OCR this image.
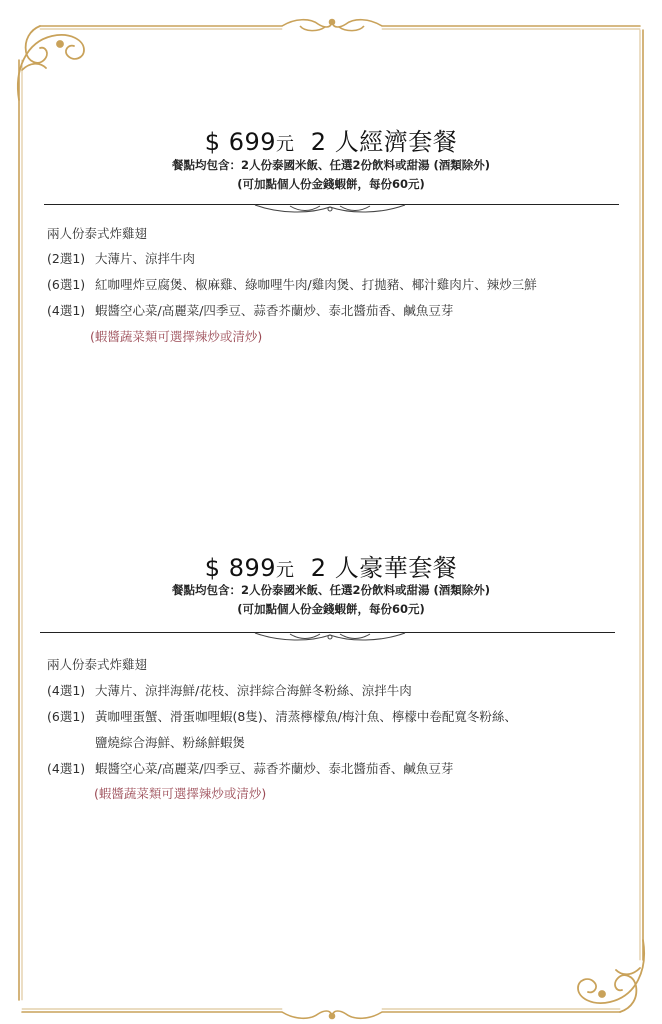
$ 699元 2 人經濟套餐
餐點均包含：2人份泰國米飯、任選2份飲料或甜湯 (酒類除外)
(可加點個人份金錢蝦餅，每份60元)
兩人份泰式炸雞翅
(2選1) 大薄片、涼拌牛肉
(6選1) 紅咖哩炸豆腐煲、椒麻雞、綠咖哩牛肉/雞肉煲、打拋豬、椰汁雞肉片、辣炒三鮮
(4選1) 蝦醬空心菜/高麗菜/四季豆、蒜香芥蘭炒、泰北醬茄香、鹹魚豆芽
(蝦醬蔬菜類可選擇辣炒或清炒)
$ 899元 2 人豪華套餐
餐點均包含：2人份泰國米飯、任選2份飲料或甜湯 (酒類除外)
(可加點個人份金錢蝦餅，每份60元)
兩人份泰式炸雞翅
(4選1) 大薄片、涼拌海鮮/花枝、涼拌綜合海鮮冬粉絲、涼拌牛肉
(6選1) 黃咖哩蛋蟹、滑蛋咖哩蝦(8隻)、清蒸檸檬魚/梅汁魚、檸檬中卷配寬冬粉絲、
鹽燒綜合海鮮、粉絲鮮蝦煲
(4選1) 蝦醬空心菜/高麗菜/四季豆、蒜香芥蘭炒、泰北醬茄香、鹹魚豆芽
(蝦醬蔬菜類可選擇辣炒或清炒)
